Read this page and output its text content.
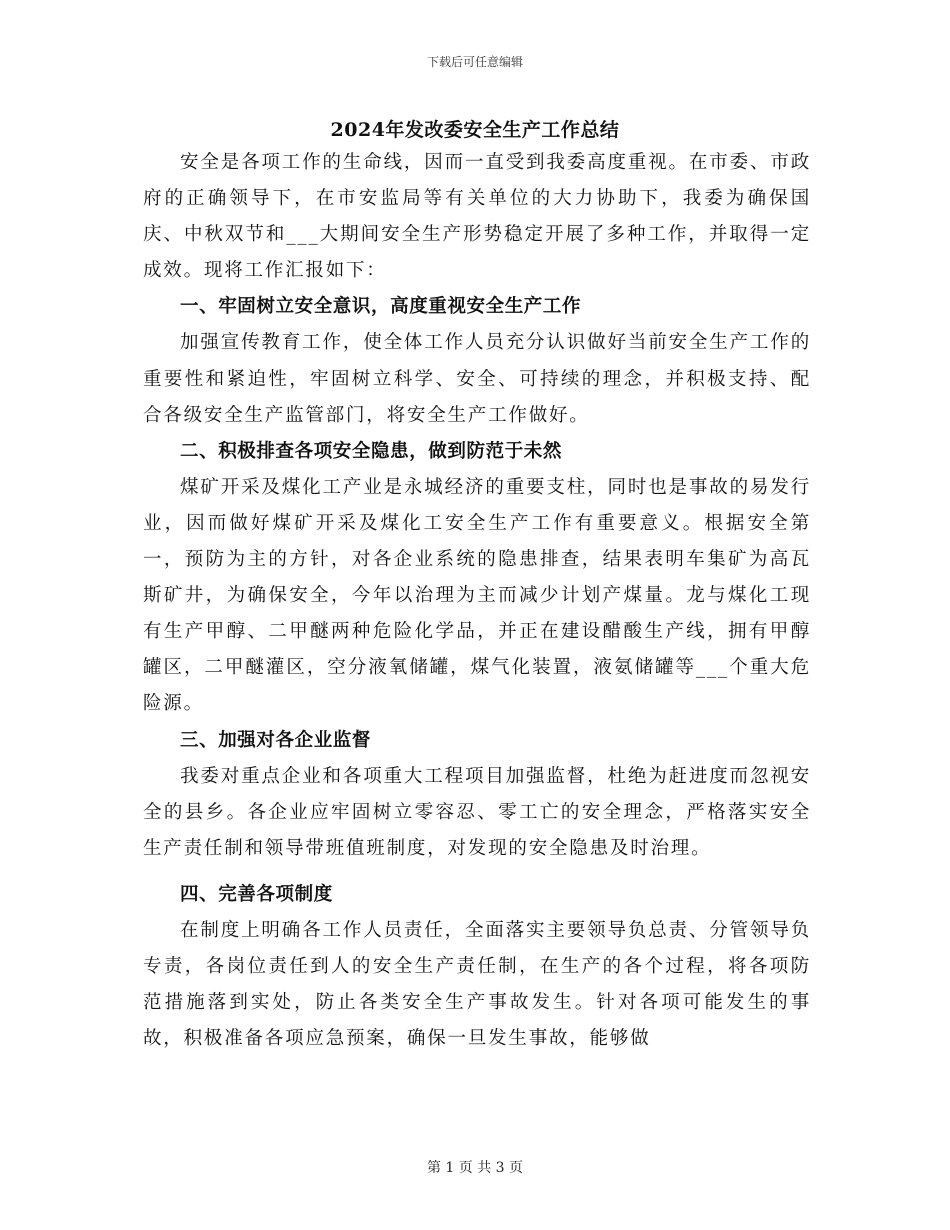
下载后可任意编辑
2024年发改委安全生产工作总结

安全是各项工作的生命线，因而一直受到我委高度重视。在市委、市政府的正确领导下，在市安监局等有关单位的大力协助下，我委为确保国庆、中秋双节和___大期间安全生产形势稳定开展了多种工作，并取得一定成效。现将工作汇报如下：

一、牢固树立安全意识，高度重视安全生产工作

加强宣传教育工作，使全体工作人员充分认识做好当前安全生产工作的重要性和紧迫性，牢固树立科学、安全、可持续的理念，并积极支持、配合各级安全生产监管部门，将安全生产工作做好。

二、积极排查各项安全隐患，做到防范于未然

煤矿开采及煤化工产业是永城经济的重要支柱，同时也是事故的易发行业，因而做好煤矿开采及煤化工安全生产工作有重要意义。根据安全第一，预防为主的方针，对各企业系统的隐患排查，结果表明车集矿为高瓦斯矿井，为确保安全，今年以治理为主而减少计划产煤量。龙与煤化工现有生产甲醇、二甲醚两种危险化学品，并正在建设醋酸生产线，拥有甲醇罐区，二甲醚灌区，空分液氧储罐，煤气化装置，液氨储罐等___个重大危险源。

三、加强对各企业监督

我委对重点企业和各项重大工程项目加强监督，杜绝为赶进度而忽视安全的县乡。各企业应牢固树立零容忍、零工亡的安全理念，严格落实安全生产责任制和领导带班值班制度，对发现的安全隐患及时治理。

四、完善各项制度

在制度上明确各工作人员责任，全面落实主要领导负总责、分管领导负专责，各岗位责任到人的安全生产责任制，在生产的各个过程，将各项防范措施落到实处，防止各类安全生产事故发生。针对各项可能发生的事故，积极准备各项应急预案，确保一旦发生事故，能够做

第 1 页 共 3 页
